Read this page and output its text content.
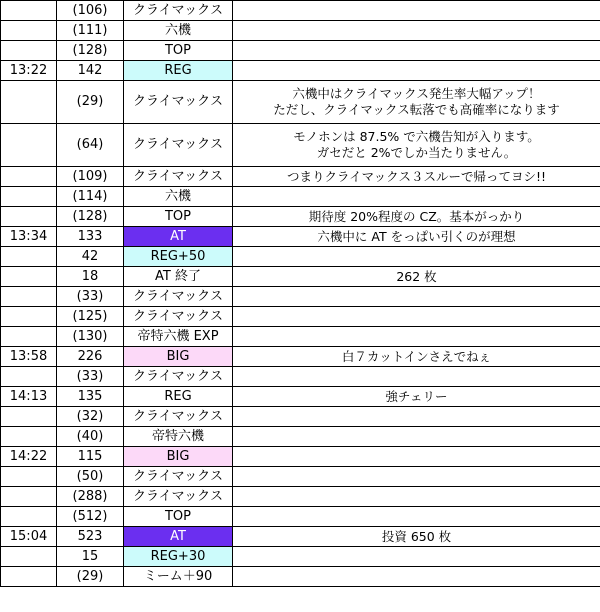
	(106)	クライマックス	
	(111)	六機	
	(128)	TOP	
13:22	142	REG	
	(29)	クライマックス	六機中はクライマックス発生率大幅アップ！
ただし、クライマックス転落でも高確率になります
	(64)	クライマックス	モノホンは 87.5% で六機告知が入ります。
ガセだと 2%でしか当たりません。
	(109)	クライマックス	つまりクライマックス３スルーで帰ってヨシ!!
	(114)	六機	
	(128)	TOP	期待度 20%程度の CZ。基本がっかり
13:34	133	AT	六機中に AT をっぱい引くのが理想
	42	REG+50	
	18	AT 終了	262 枚
	(33)	クライマックス	
	(125)	クライマックス	
	(130)	帝特六機 EXP	
13:58	226	BIG	白７カットインさえでねぇ
	(33)	クライマックス	
14:13	135	REG	強チェリー
	(32)	クライマックス	
	(40)	帝特六機	
14:22	115	BIG	
	(50)	クライマックス	
	(288)	クライマックス	
	(512)	TOP	
15:04	523	AT	投資 650 枚
	15	REG+30	
	(29)	ミーム＋90	
